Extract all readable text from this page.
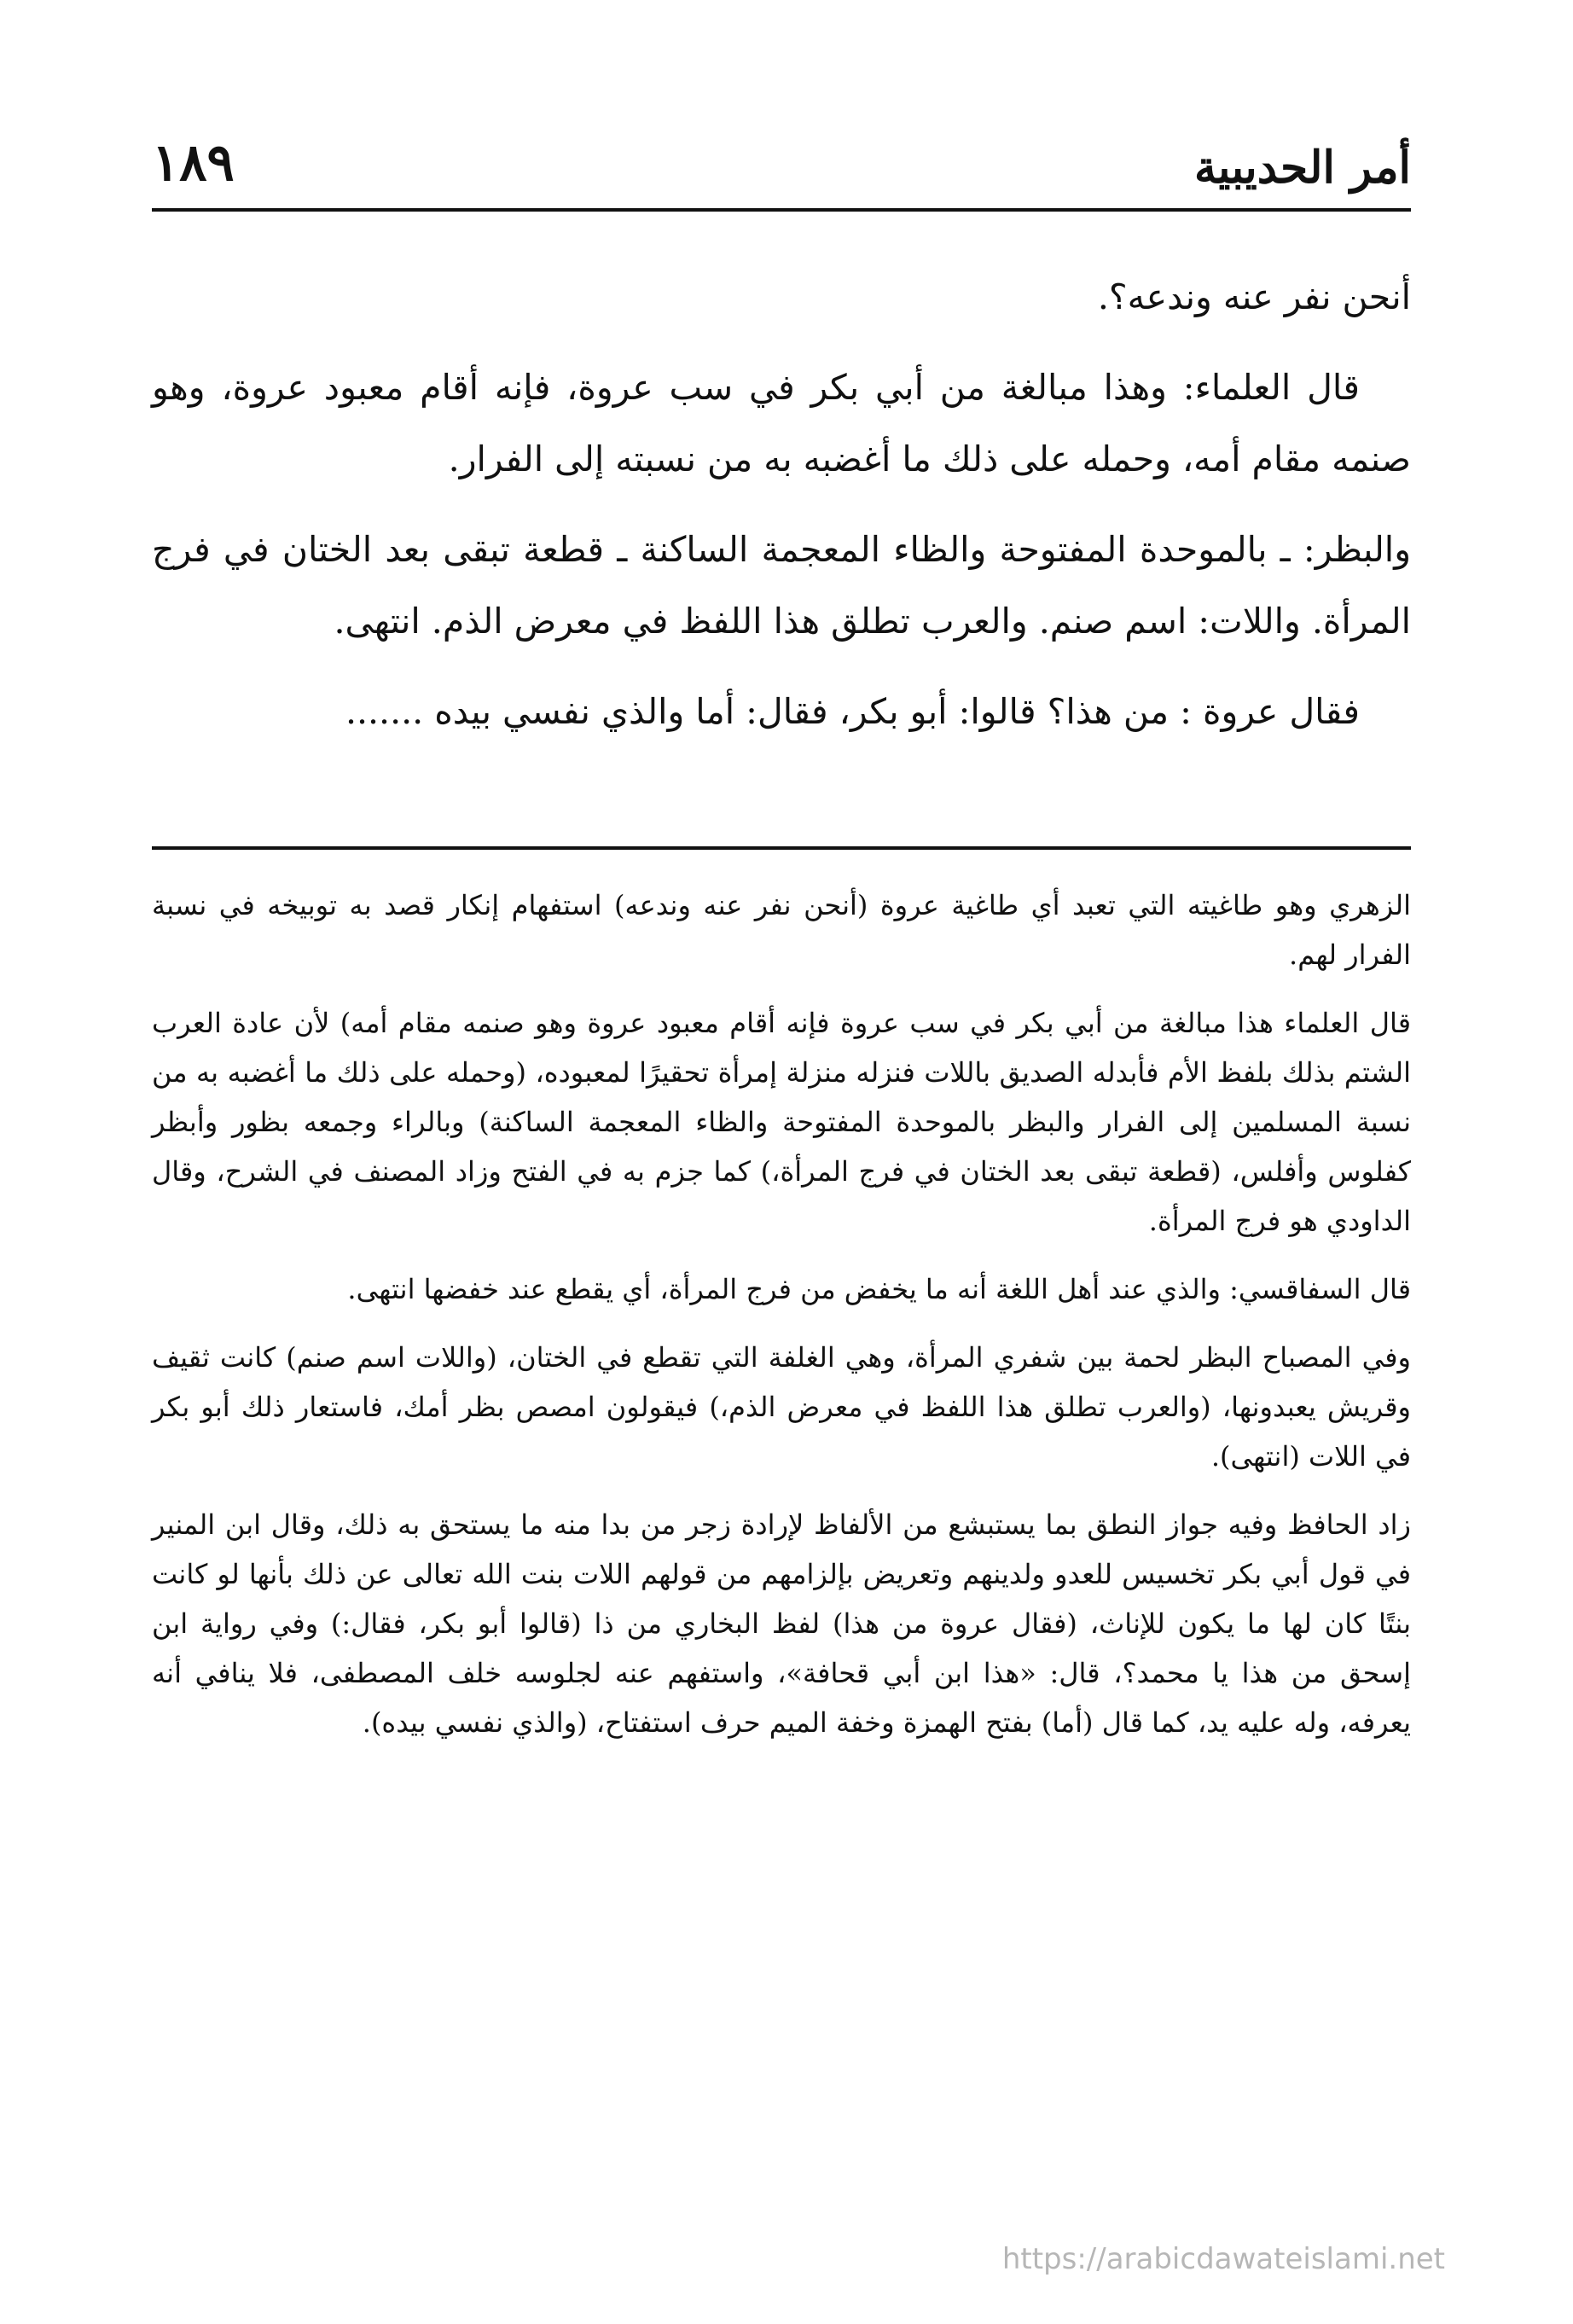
أمر الحديبية
١٨٩

أنحن نفر عنه وندعه؟.

قال العلماء: وهذا مبالغة من أبي بكر في سب عروة، فإنه أقام معبود عروة، وهو صنمه مقام أمه، وحمله على ذلك ما أغضبه به من نسبته إلى الفرار.

والبظر: ـ بالموحدة المفتوحة والظاء المعجمة الساكنة ـ قطعة تبقى بعد الختان في فرج المرأة. واللات: اسم صنم. والعرب تطلق هذا اللفظ في معرض الذم. انتهى.

فقال عروة : من هذا؟ قالوا: أبو بكر، فقال: أما والذي نفسي بيده .......

الزهري وهو طاغيته التي تعبد أي طاغية عروة (أنحن نفر عنه وندعه) استفهام إنكار قصد به توبيخه في نسبة الفرار لهم.

قال العلماء هذا مبالغة من أبي بكر في سب عروة فإنه أقام معبود عروة وهو صنمه مقام أمه) لأن عادة العرب الشتم بذلك بلفظ الأم فأبدله الصديق باللات فنزله منزلة إمرأة تحقيرًا لمعبوده، (وحمله على ذلك ما أغضبه به من نسبة المسلمين إلى الفرار والبظر بالموحدة المفتوحة والظاء المعجمة الساكنة) وبالراء وجمعه بظور وأبظر كفلوس وأفلس، (قطعة تبقى بعد الختان في فرج المرأة،) كما جزم به في الفتح وزاد المصنف في الشرح، وقال الداودي هو فرج المرأة.

قال السفاقسي: والذي عند أهل اللغة أنه ما يخفض من فرج المرأة، أي يقطع عند خفضها انتهى.

وفي المصباح البظر لحمة بين شفري المرأة، وهي الغلفة التي تقطع في الختان، (واللات اسم صنم) كانت ثقيف وقريش يعبدونها، (والعرب تطلق هذا اللفظ في معرض الذم،) فيقولون امصص بظر أمك، فاستعار ذلك أبو بكر في اللات (انتهى).

زاد الحافظ وفيه جواز النطق بما يستبشع من الألفاظ لإرادة زجر من بدا منه ما يستحق به ذلك، وقال ابن المنير في قول أبي بكر تخسيس للعدو ولدينهم وتعريض بإلزامهم من قولهم اللات بنت الله تعالى عن ذلك بأنها لو كانت بنتًا كان لها ما يكون للإناث، (فقال عروة من هذا) لفظ البخاري من ذا (قالوا أبو بكر، فقال:) وفي رواية ابن إسحق من هذا يا محمد؟، قال: «هذا ابن أبي قحافة»، واستفهم عنه لجلوسه خلف المصطفى، فلا ينافي أنه يعرفه، وله عليه يد، كما قال (أما) بفتح الهمزة وخفة الميم حرف استفتاح، (والذي نفسي بيده).

https://arabicdawateislami.net
